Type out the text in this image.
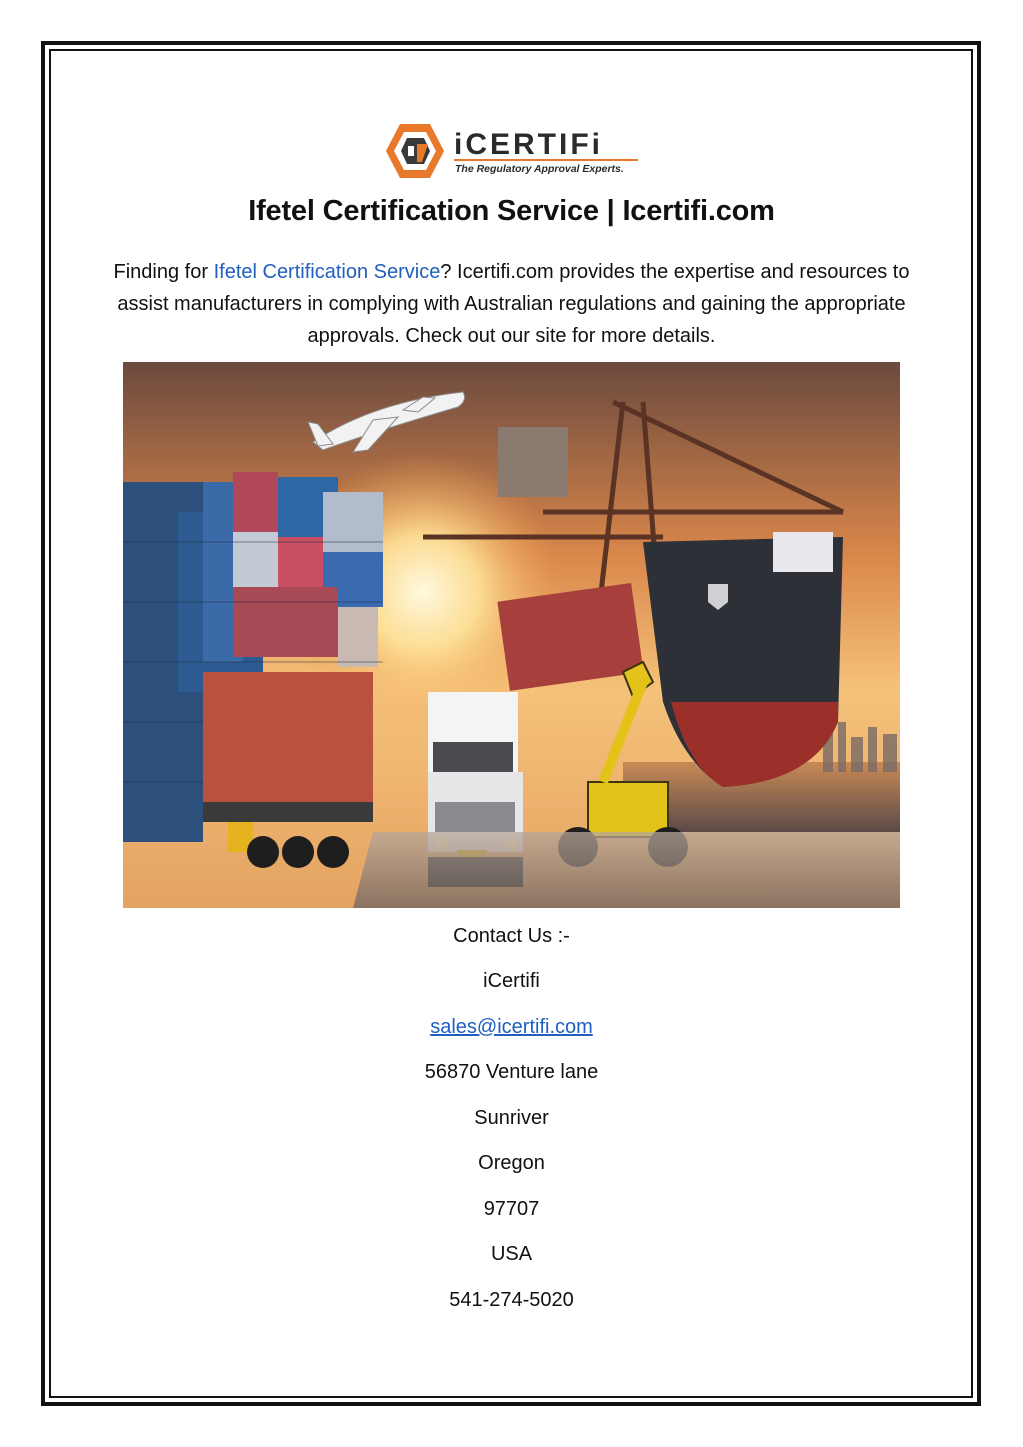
iCERTIFi
The Regulatory Approval Experts.
Ifetel Certification Service | Icertifi.com
Finding for Ifetel Certification Service? Icertifi.com provides the expertise and resources to assist manufacturers in complying with Australian regulations and gaining the appropriate approvals. Check out our site for more details.
Contact Us :-
iCertifi
sales@icertifi.com
56870 Venture lane
Sunriver
Oregon
97707
USA
541-274-5020
